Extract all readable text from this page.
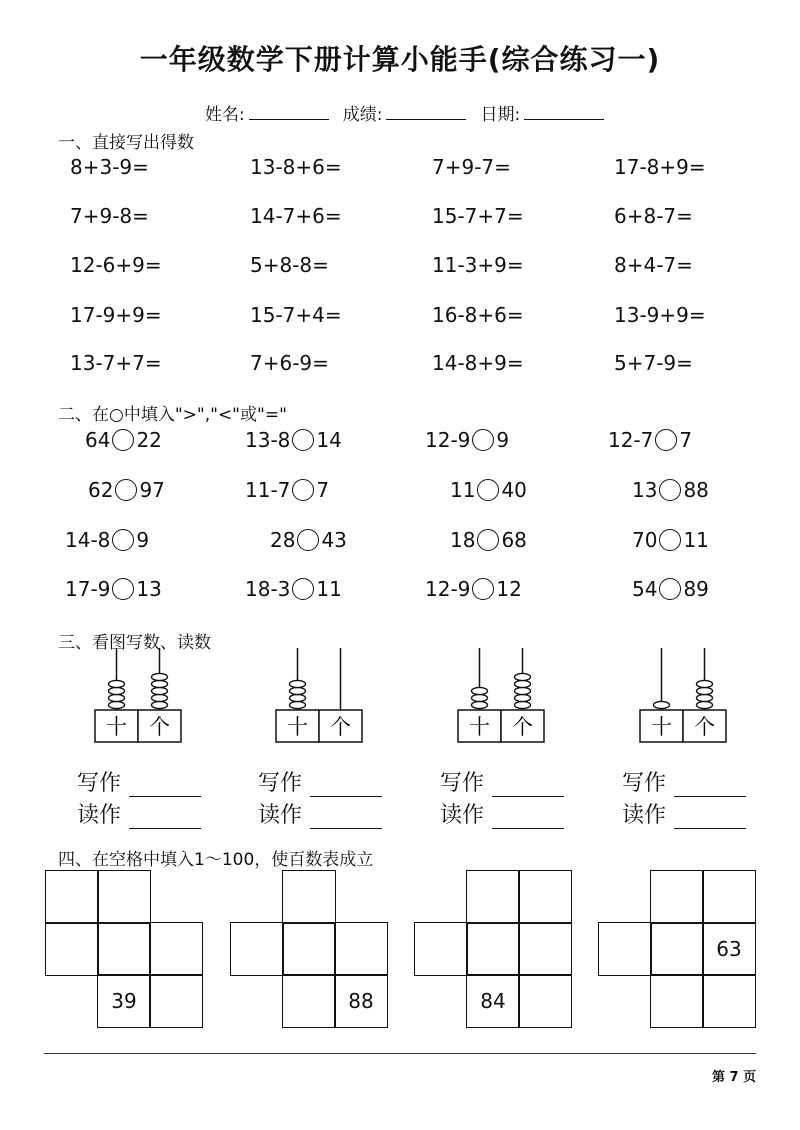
一年级数学下册计算小能手(综合练习一)
姓名:	成绩:	日期:
一、直接写出得数
8+3-9=	13-8+6=	7+9-7=	17-8+9=
7+9-8=	14-7+6=	15-7+7=	6+8-7=
12-6+9=	5+8-8=	11-3+9=	8+4-7=
17-9+9=	15-7+4=	16-8+6=	13-9+9=
13-7+7=	7+6-9=	14-8+9=	5+7-9=
二、在○中填入">","<"或"="
64 22	13-8 14	12-9 9	12-7 7
62 97	11-7 7	11 40	13 88
14-8 9	28 43	18 68	70 11
17-9 13	18-3 11	12-9 12	54 89
三、看图写数、读数
十 个
写作
读作
十 个
写作
读作
十 个
写作
读作
十 个
写作
读作
四、在空格中填入1～100，使百数表成立
39	88	84
63
第 7 页
